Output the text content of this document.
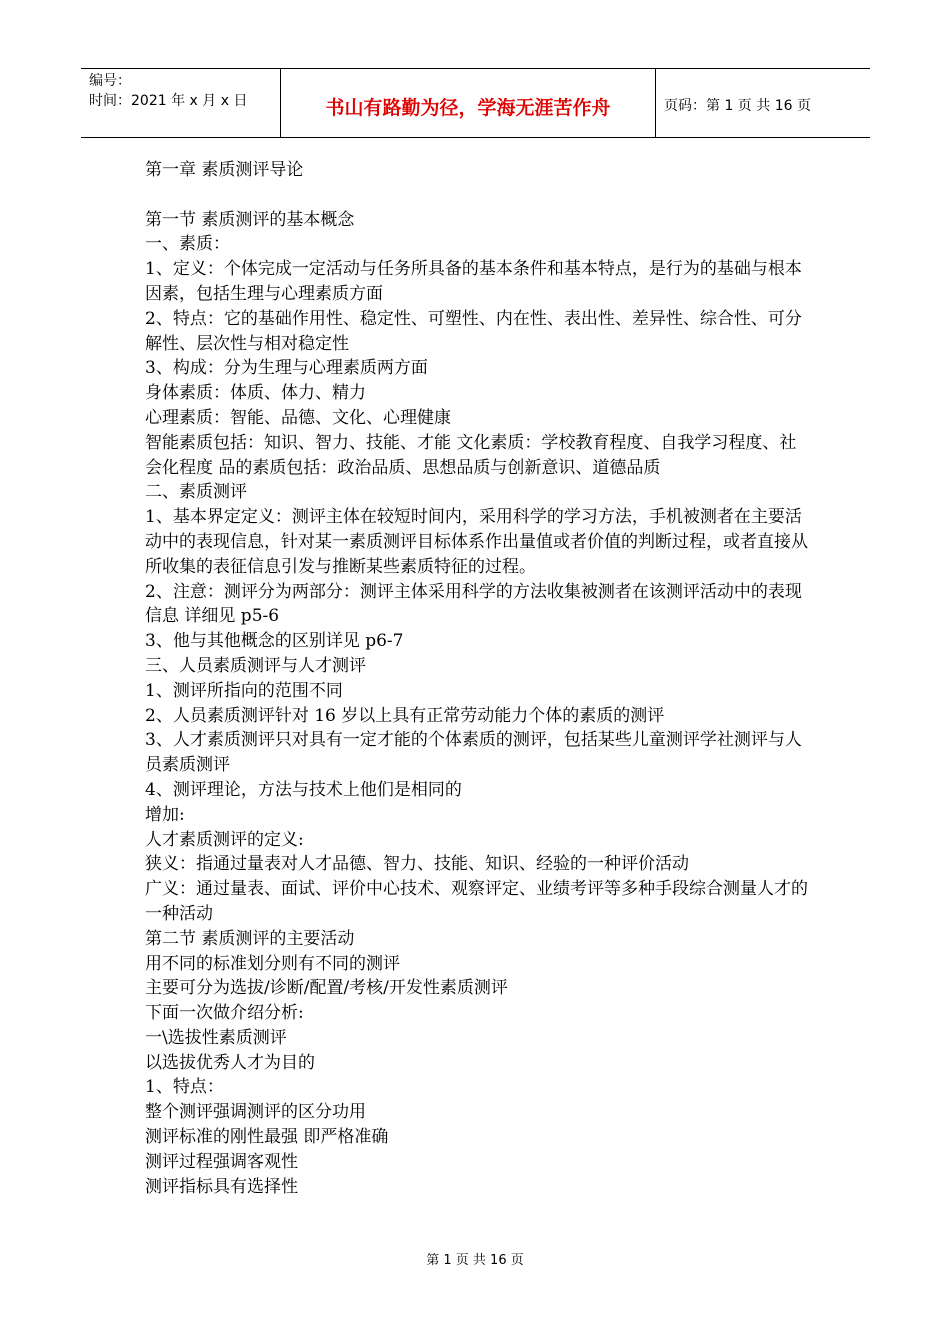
编号：
时间：2021 年 x 月 x 日	书山有路勤为径，学海无涯苦作舟	页码：第 1 页 共 16 页

第一章 素质测评导论

第一节 素质测评的基本概念

一、素质：

1、定义：个体完成一定活动与任务所具备的基本条件和基本特点，是行为的基础与根本因素，包括生理与心理素质方面

2、特点：它的基础作用性、稳定性、可塑性、内在性、表出性、差异性、综合性、可分解性、层次性与相对稳定性

3、构成：分为生理与心理素质两方面

身体素质：体质、体力、精力

心理素质：智能、品德、文化、心理健康

智能素质包括：知识、智力、技能、才能 文化素质：学校教育程度、自我学习程度、社会化程度 品的素质包括：政治品质、思想品质与创新意识、道德品质

二、素质测评

1、基本界定定义：测评主体在较短时间内，采用科学的学习方法，手机被测者在主要活动中的表现信息，针对某一素质测评目标体系作出量值或者价值的判断过程，或者直接从所收集的表征信息引发与推断某些素质特征的过程。

2、注意：测评分为两部分：测评主体采用科学的方法收集被测者在该测评活动中的表现信息 详细见 p5-6

3、他与其他概念的区别详见 p6-7

三、人员素质测评与人才测评

1、测评所指向的范围不同

2、人员素质测评针对 16 岁以上具有正常劳动能力个体的素质的测评

3、人才素质测评只对具有一定才能的个体素质的测评，包括某些儿童测评学社测评与人员素质测评

4、测评理论，方法与技术上他们是相同的

增加:

人才素质测评的定义:

狭义：指通过量表对人才品德、智力、技能、知识、经验的一种评价活动

广义：通过量表、面试、评价中心技术、观察评定、业绩考评等多种手段综合测量人才的一种活动

第二节 素质测评的主要活动

用不同的标准划分则有不同的测评

主要可分为选拔/诊断/配置/考核/开发性素质测评

下面一次做介绍分析:

一\选拔性素质测评

以选拔优秀人才为目的

1、特点：

整个测评强调测评的区分功用

测评标准的刚性最强 即严格准确

测评过程强调客观性

测评指标具有选择性

第 1 页 共 16 页
